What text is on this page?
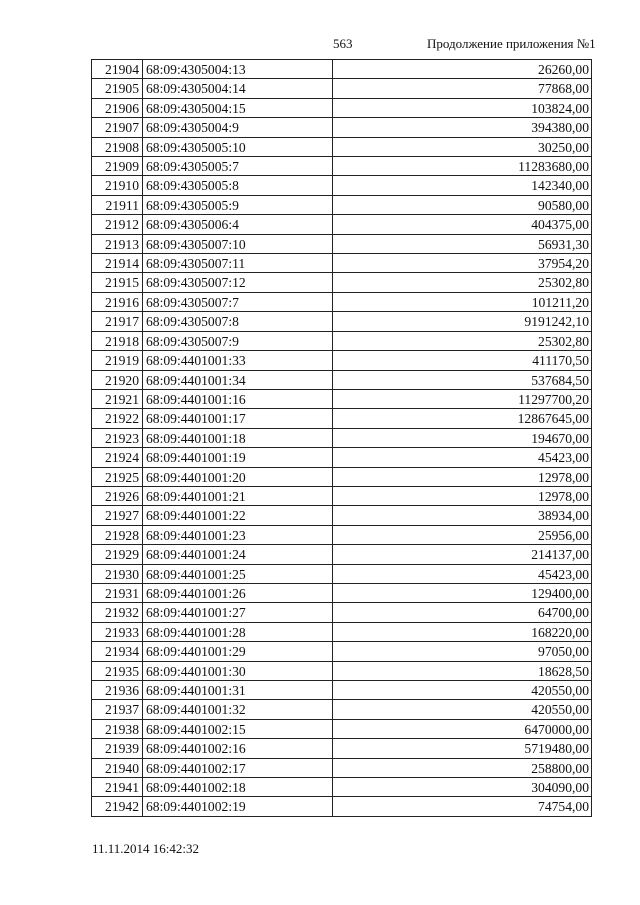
563	Продолжение приложения №1
21904 68:09:4305004:13	26260,00
21905 68:09:4305004:14	77868,00
21906 68:09:4305004:15	103824,00
21907 68:09:4305004:9	394380,00
21908 68:09:4305005:10	30250,00
21909 68:09:4305005:7	11283680,00
21910 68:09:4305005:8	142340,00
21911 68:09:4305005:9	90580,00
21912 68:09:4305006:4	404375,00
21913 68:09:4305007:10	56931,30
21914 68:09:4305007:11	37954,20
21915 68:09:4305007:12	25302,80
21916 68:09:4305007:7	101211,20
21917 68:09:4305007:8	9191242,10
21918 68:09:4305007:9	25302,80
21919 68:09:4401001:33	411170,50
21920 68:09:4401001:34	537684,50
21921 68:09:4401001:16	11297700,20
21922 68:09:4401001:17	12867645,00
21923 68:09:4401001:18	194670,00
21924 68:09:4401001:19	45423,00
21925 68:09:4401001:20	12978,00
21926 68:09:4401001:21	12978,00
21927 68:09:4401001:22	38934,00
21928 68:09:4401001:23	25956,00
21929 68:09:4401001:24	214137,00
21930 68:09:4401001:25	45423,00
21931 68:09:4401001:26	129400,00
21932 68:09:4401001:27	64700,00
21933 68:09:4401001:28	168220,00
21934 68:09:4401001:29	97050,00
21935 68:09:4401001:30	18628,50
21936 68:09:4401001:31	420550,00
21937 68:09:4401001:32	420550,00
21938 68:09:4401002:15	6470000,00
21939 68:09:4401002:16	5719480,00
21940 68:09:4401002:17	258800,00
21941 68:09:4401002:18	304090,00
21942 68:09:4401002:19	74754,00
11.11.2014 16:42:32
